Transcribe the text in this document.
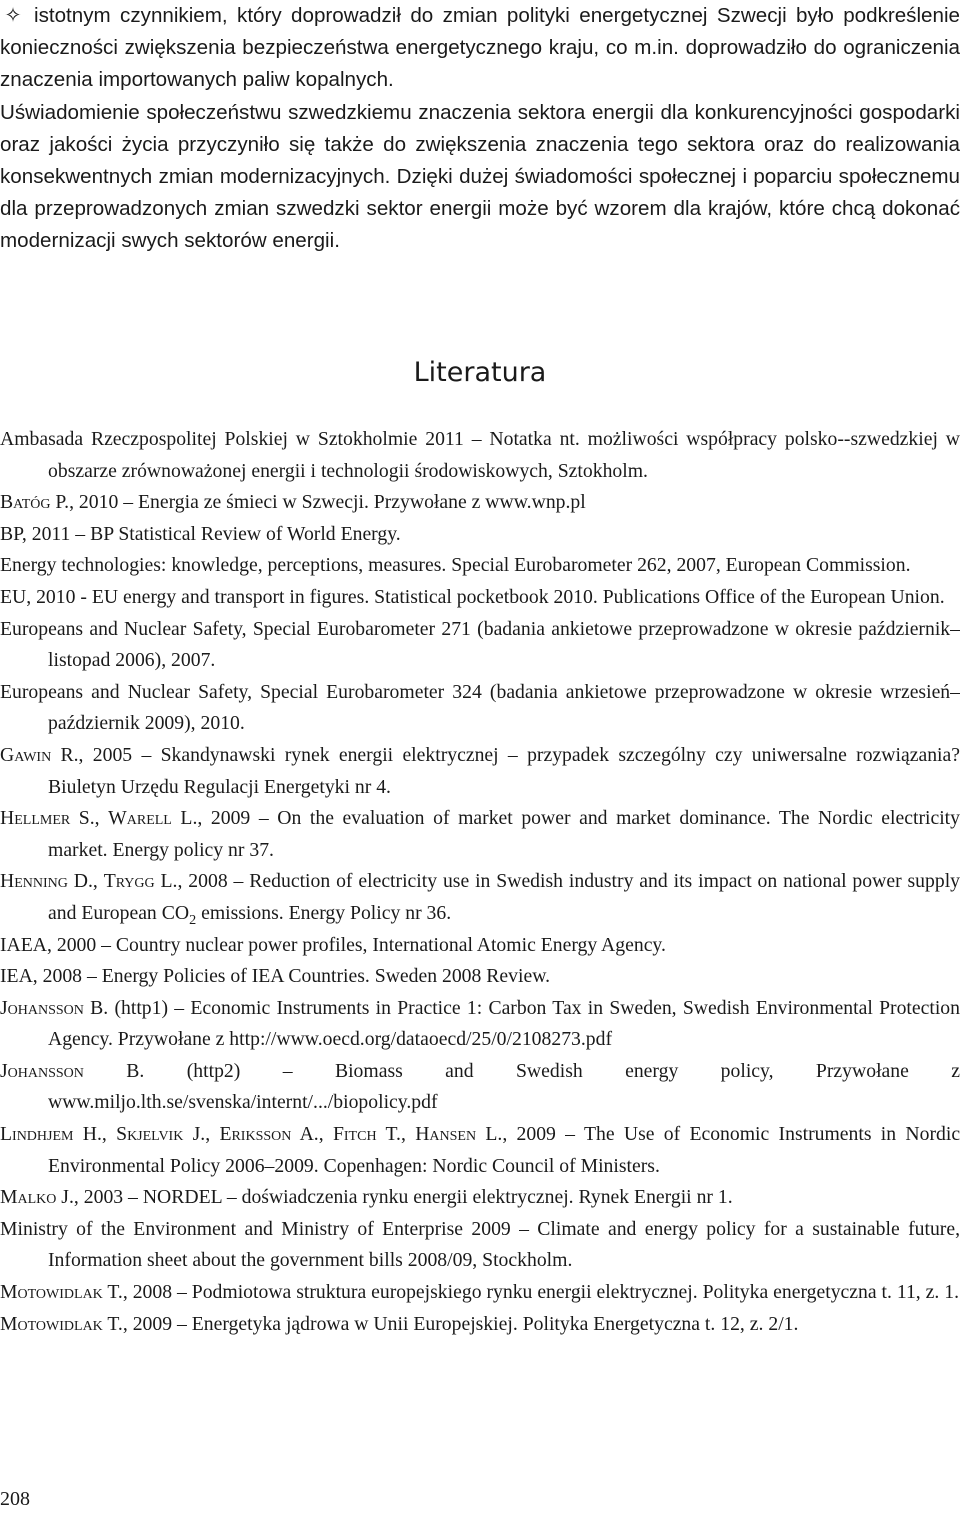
✧ istotnym czynnikiem, który doprowadził do zmian polityki energetycznej Szwecji było podkreślenie konieczności zwiększenia bezpieczeństwa energetycznego kraju, co m.in. doprowadziło do ograniczenia znaczenia importowanych paliw kopalnych.

Uświadomienie społeczeństwu szwedzkiemu znaczenia sektora energii dla konkurencyjności gospodarki oraz jakości życia przyczyniło się także do zwiększenia znaczenia tego sektora oraz do realizowania konsekwentnych zmian modernizacyjnych. Dzięki dużej świadomości społecznej i poparciu społecznemu dla przeprowadzonych zmian szwedzki sektor energii może być wzorem dla krajów, które chcą dokonać modernizacji swych sektorów energii.

Literatura

Ambasada Rzeczpospolitej Polskiej w Sztokholmie 2011 – Notatka nt. możliwości współpracy polsko--szwedzkiej w obszarze zrównoważonej energii i technologii środowiskowych, Sztokholm.

Batóg P., 2010 – Energia ze śmieci w Szwecji. Przywołane z www.wnp.pl

BP, 2011 – BP Statistical Review of World Energy.

Energy technologies: knowledge, perceptions, measures. Special Eurobarometer 262, 2007, European Commission.

EU, 2010 - EU energy and transport in figures. Statistical pocketbook 2010. Publications Office of the European Union.

Europeans and Nuclear Safety, Special Eurobarometer 271 (badania ankietowe przeprowadzone w okresie październik–listopad 2006), 2007.

Europeans and Nuclear Safety, Special Eurobarometer 324 (badania ankietowe przeprowadzone w okresie wrzesień–październik 2009), 2010.

Gawin R., 2005 – Skandynawski rynek energii elektrycznej – przypadek szczególny czy uniwersalne rozwiązania? Biuletyn Urzędu Regulacji Energetyki nr 4.

Hellmer S., Warell L., 2009 – On the evaluation of market power and market dominance. The Nordic electricity market. Energy policy nr 37.

Henning D., Trygg L., 2008 – Reduction of electricity use in Swedish industry and its impact on national power supply and European $CO_2$ emissions. Energy Policy nr 36.

IAEA, 2000 – Country nuclear power profiles, International Atomic Energy Agency.

IEA, 2008 – Energy Policies of IEA Countries. Sweden 2008 Review.

Johansson B. (http1) – Economic Instruments in Practice 1: Carbon Tax in Sweden, Swedish Environmental Protection Agency. Przywołane z http://www.oecd.org/dataoecd/25/0/2108273.pdf

Johansson B. (http2) – Biomass and Swedish energy policy, Przywołane z www.miljo.lth.se/svenska/internt/.../biopolicy.pdf

Lindhjem H., Skjelvik J., Eriksson A., Fitch T., Hansen L., 2009 – The Use of Economic Instruments in Nordic Environmental Policy 2006–2009. Copenhagen: Nordic Council of Ministers.

Malko J., 2003 – NORDEL – doświadczenia rynku energii elektrycznej. Rynek Energii nr 1.

Ministry of the Environment and Ministry of Enterprise 2009 – Climate and energy policy for a sustainable future, Information sheet about the government bills 2008/09, Stockholm.

Motowidlak T., 2008 – Podmiotowa struktura europejskiego rynku energii elektrycznej. Polityka energetyczna t. 11, z. 1.

Motowidlak T., 2009 – Energetyka jądrowa w Unii Europejskiej. Polityka Energetyczna t. 12, z. 2/1.

208
